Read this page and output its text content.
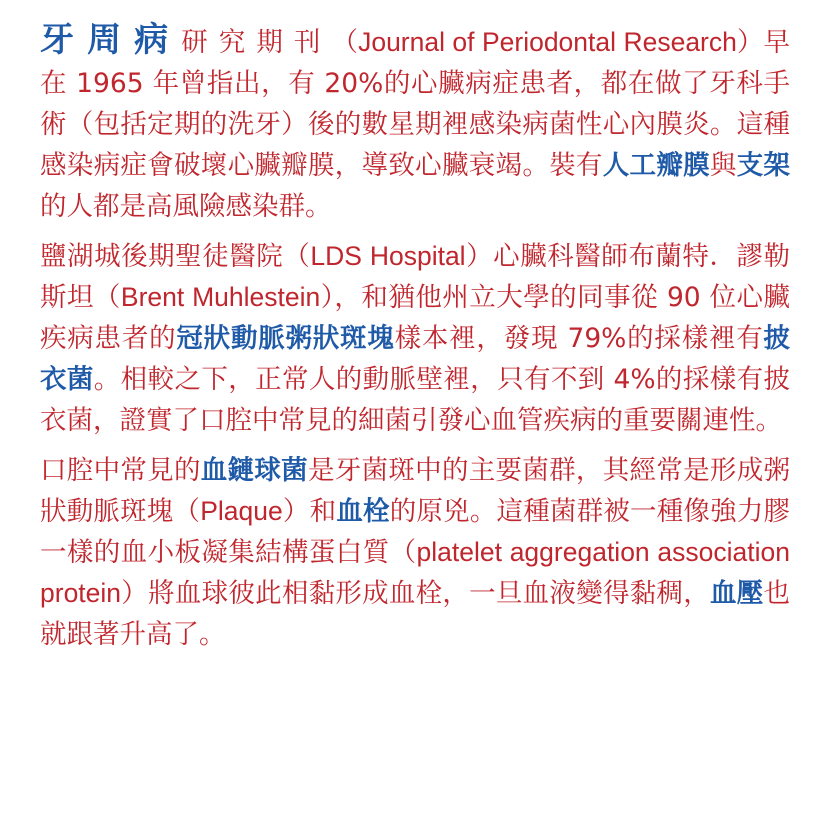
牙周病研究期刊（Journal of Periodontal Research）早在 1965 年曾指出，有 20%的心臟病症患者，都在做了牙科手術（包括定期的洗牙）後的數星期裡感染病菌性心內膜炎。這種感染病症會破壞心臟瓣膜，導致心臟衰竭。裝有人工瓣膜與支架的人都是高風險感染群。

鹽湖城後期聖徒醫院（LDS Hospital）心臟科醫師布蘭特．謬勒斯坦（Brent Muhlestein），和猶他州立大學的同事從 90 位心臟疾病患者的冠狀動脈粥狀斑塊樣本裡，發現 79%的採樣裡有披衣菌。相較之下，正常人的動脈壁裡，只有不到 4%的採樣有披衣菌，證實了口腔中常見的細菌引發心血管疾病的重要關連性。

口腔中常見的血鏈球菌是牙菌斑中的主要菌群，其經常是形成粥狀動脈斑塊（Plaque）和血栓的原兇。這種菌群被一種像強力膠一樣的血小板凝集結構蛋白質（platelet aggregation association protein）將血球彼此相黏形成血栓，一旦血液變得黏稠，血壓也就跟著升高了。
